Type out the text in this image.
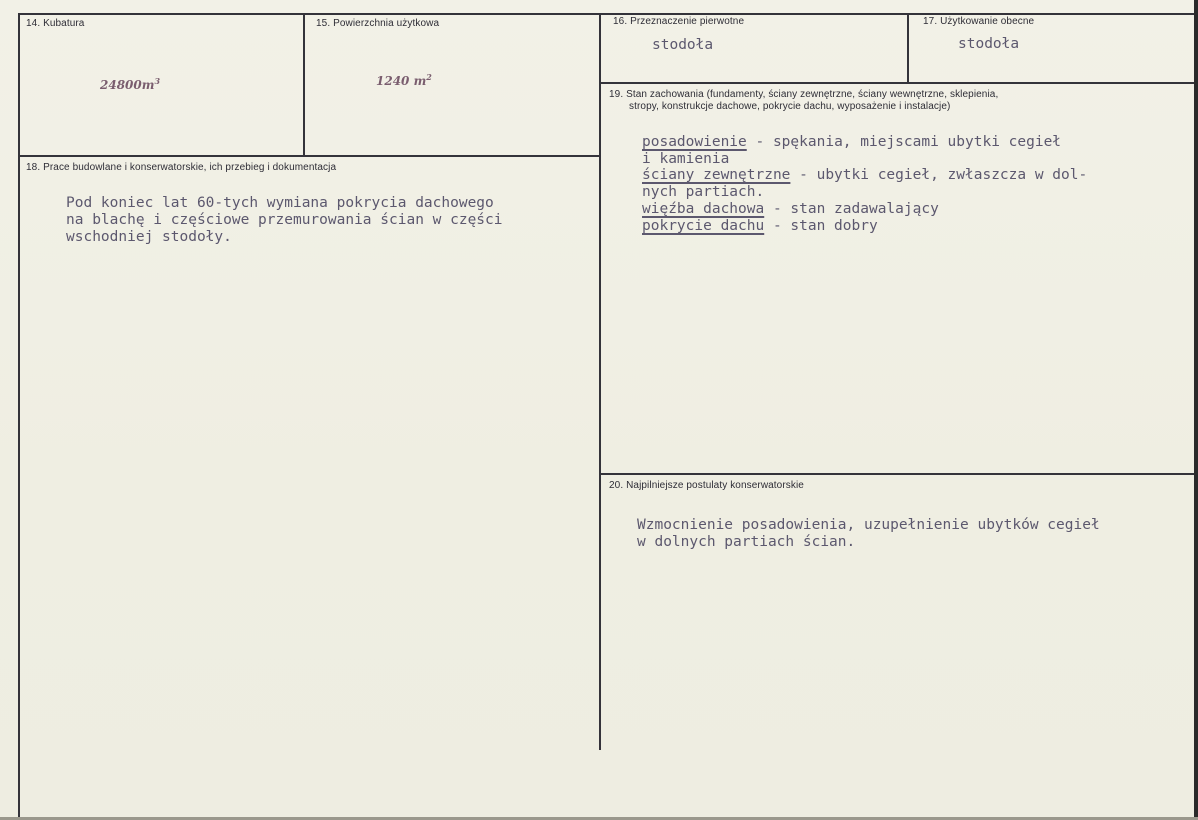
14. Kubatura
$24800m^3$
15. Powierzchnia użytkowa
1240 $m^2$
16. Przeznaczenie pierwotne
stodoła
17. Użytkowanie obecne
stodoła
18. Prace budowlane i konserwatorskie, ich przebieg i dokumentacja
Pod koniec lat 60-tych wymiana pokrycia dachowego
na blachę i częściowe przemurowania ścian w części
wschodniej stodoły.
19. Stan zachowania (fundamenty, ściany zewnętrzne, ściany wewnętrzne, sklepienia,
stropy, konstrukcje dachowe, pokrycie dachu, wyposażenie i instalacje)
posadowienie - spękania, miejscami ubytki cegieł
i kamienia
ściany zewnętrzne - ubytki cegieł, zwłaszcza w dol-
nych partiach.
więźba dachowa - stan zadawalający
pokrycie dachu - stan dobry
20. Najpilniejsze postulaty konserwatorskie
Wzmocnienie posadowienia, uzupełnienie ubytków cegieł
w dolnych partiach ścian.
